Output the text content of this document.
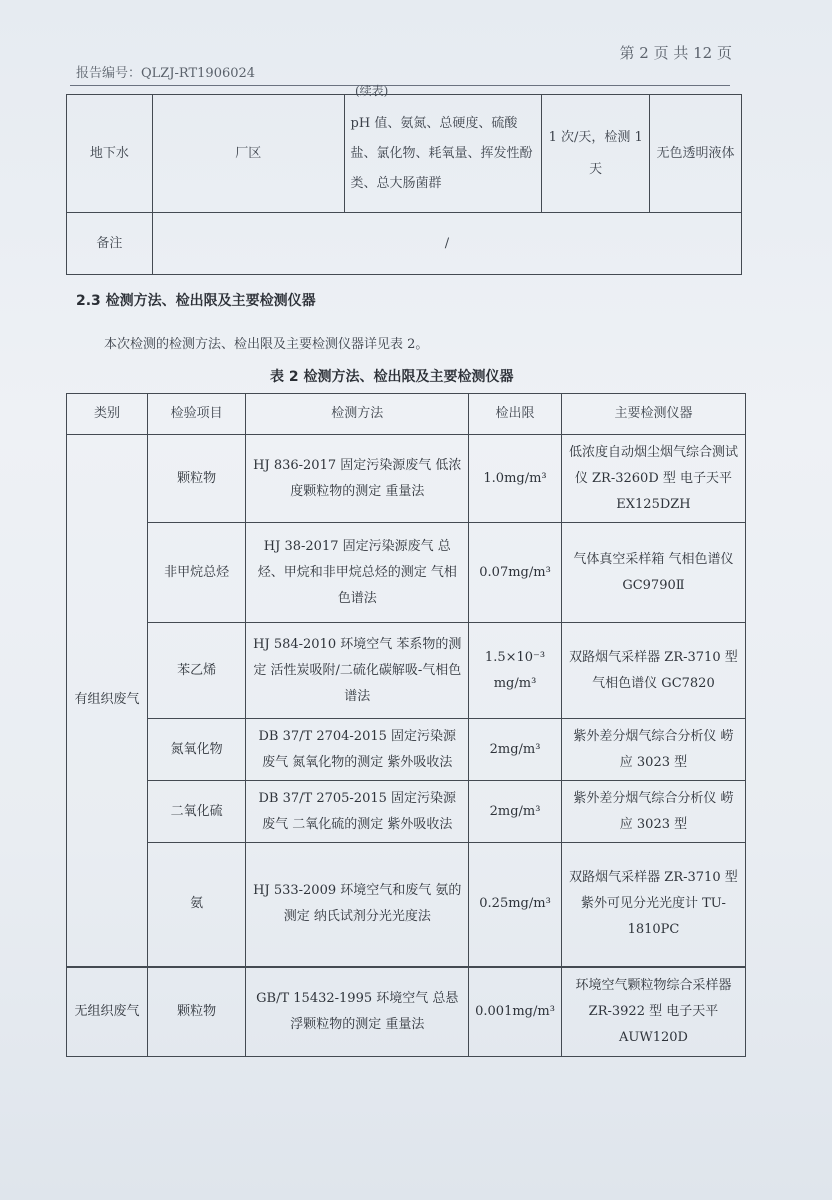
报告编号：QLZJ-RT1906024
第 2 页 共 12 页
(续表)
地下水	厂区	pH 值、氨氮、总硬度、硫酸盐、氯化物、耗氧量、挥发性酚类、总大肠菌群	1 次/天，检测 1 天	无色透明液体
备注	/			
2.3 检测方法、检出限及主要检测仪器
本次检测的检测方法、检出限及主要检测仪器详见表 2。
表 2 检测方法、检出限及主要检测仪器
类别	检验项目	检测方法	检出限	主要检测仪器
有组织废气	颗粒物	HJ 836-2017 固定污染源废气 低浓度颗粒物的测定 重量法	1.0mg/m³	低浓度自动烟尘烟气综合测试仪 ZR-3260D 型 电子天平 EX125DZH
	非甲烷总烃	HJ 38-2017 固定污染源废气 总烃、甲烷和非甲烷总烃的测定 气相色谱法	0.07mg/m³	气体真空采样箱 气相色谱仪 GC9790Ⅱ
	苯乙烯	HJ 584-2010 环境空气 苯系物的测定 活性炭吸附/二硫化碳解吸-气相色谱法	1.5×10⁻³ mg/m³	双路烟气采样器 ZR-3710 型 气相色谱仪 GC7820
	氮氧化物	DB 37/T 2704-2015 固定污染源废气 氮氧化物的测定 紫外吸收法	2mg/m³	紫外差分烟气综合分析仪 崂应 3023 型
	二氧化硫	DB 37/T 2705-2015 固定污染源废气 二氧化硫的测定 紫外吸收法	2mg/m³	紫外差分烟气综合分析仪 崂应 3023 型
	氨	HJ 533-2009 环境空气和废气 氨的测定 纳氏试剂分光光度法	0.25mg/m³	双路烟气采样器 ZR-3710 型 紫外可见分光光度计 TU-1810PC
无组织废气	颗粒物	GB/T 15432-1995 环境空气 总悬浮颗粒物的测定 重量法	0.001mg/m³	环境空气颗粒物综合采样器 ZR-3922 型 电子天平 AUW120D
